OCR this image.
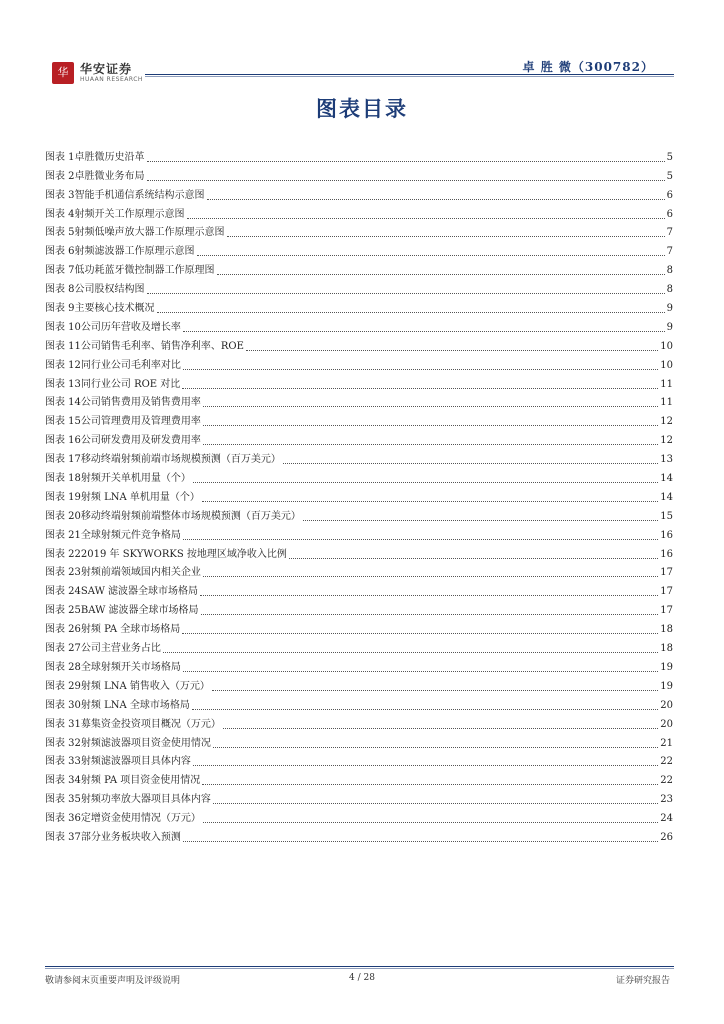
华 华安证券
HUAAN RESEARCH
卓 胜 微（300782）
图表目录
图表 1 卓胜微历史沿革	5
图表 2 卓胜微业务布局	5
图表 3 智能手机通信系统结构示意图	6
图表 4 射频开关工作原理示意图	6
图表 5 射频低噪声放大器工作原理示意图	7
图表 6 射频滤波器工作原理示意图	7
图表 7 低功耗蓝牙微控制器工作原理图	8
图表 8 公司股权结构图	8
图表 9 主要核心技术概况	9
图表 10 公司历年营收及增长率	9
图表 11 公司销售毛利率、销售净利率、ROE	10
图表 12 同行业公司毛利率对比	10
图表 13 同行业公司 ROE 对比	11
图表 14 公司销售费用及销售费用率	11
图表 15 公司管理费用及管理费用率	12
图表 16 公司研发费用及研发费用率	12
图表 17 移动终端射频前端市场规模预测（百万美元）	13
图表 18 射频开关单机用量（个）	14
图表 19 射频 LNA 单机用量（个）	14
图表 20 移动终端射频前端整体市场规模预测（百万美元）	15
图表 21 全球射频元件竞争格局	16
图表 22 2019 年 SKYWORKS 按地理区域净收入比例	16
图表 23 射频前端领域国内相关企业	17
图表 24 SAW 滤波器全球市场格局	17
图表 25 BAW 滤波器全球市场格局	17
图表 26 射频 PA 全球市场格局	18
图表 27 公司主营业务占比	18
图表 28 全球射频开关市场格局	19
图表 29 射频 LNA 销售收入（万元）	19
图表 30 射频 LNA 全球市场格局	20
图表 31 募集资金投资项目概况（万元）	20
图表 32 射频滤波器项目资金使用情况	21
图表 33 射频滤波器项目具体内容	22
图表 34 射频 PA 项目资金使用情况	22
图表 35 射频功率放大器项目具体内容	23
图表 36 定增资金使用情况（万元）	24
图表 37 部分业务板块收入预测	26
敬请参阅末页重要声明及评级说明	4 / 28	证券研究报告
